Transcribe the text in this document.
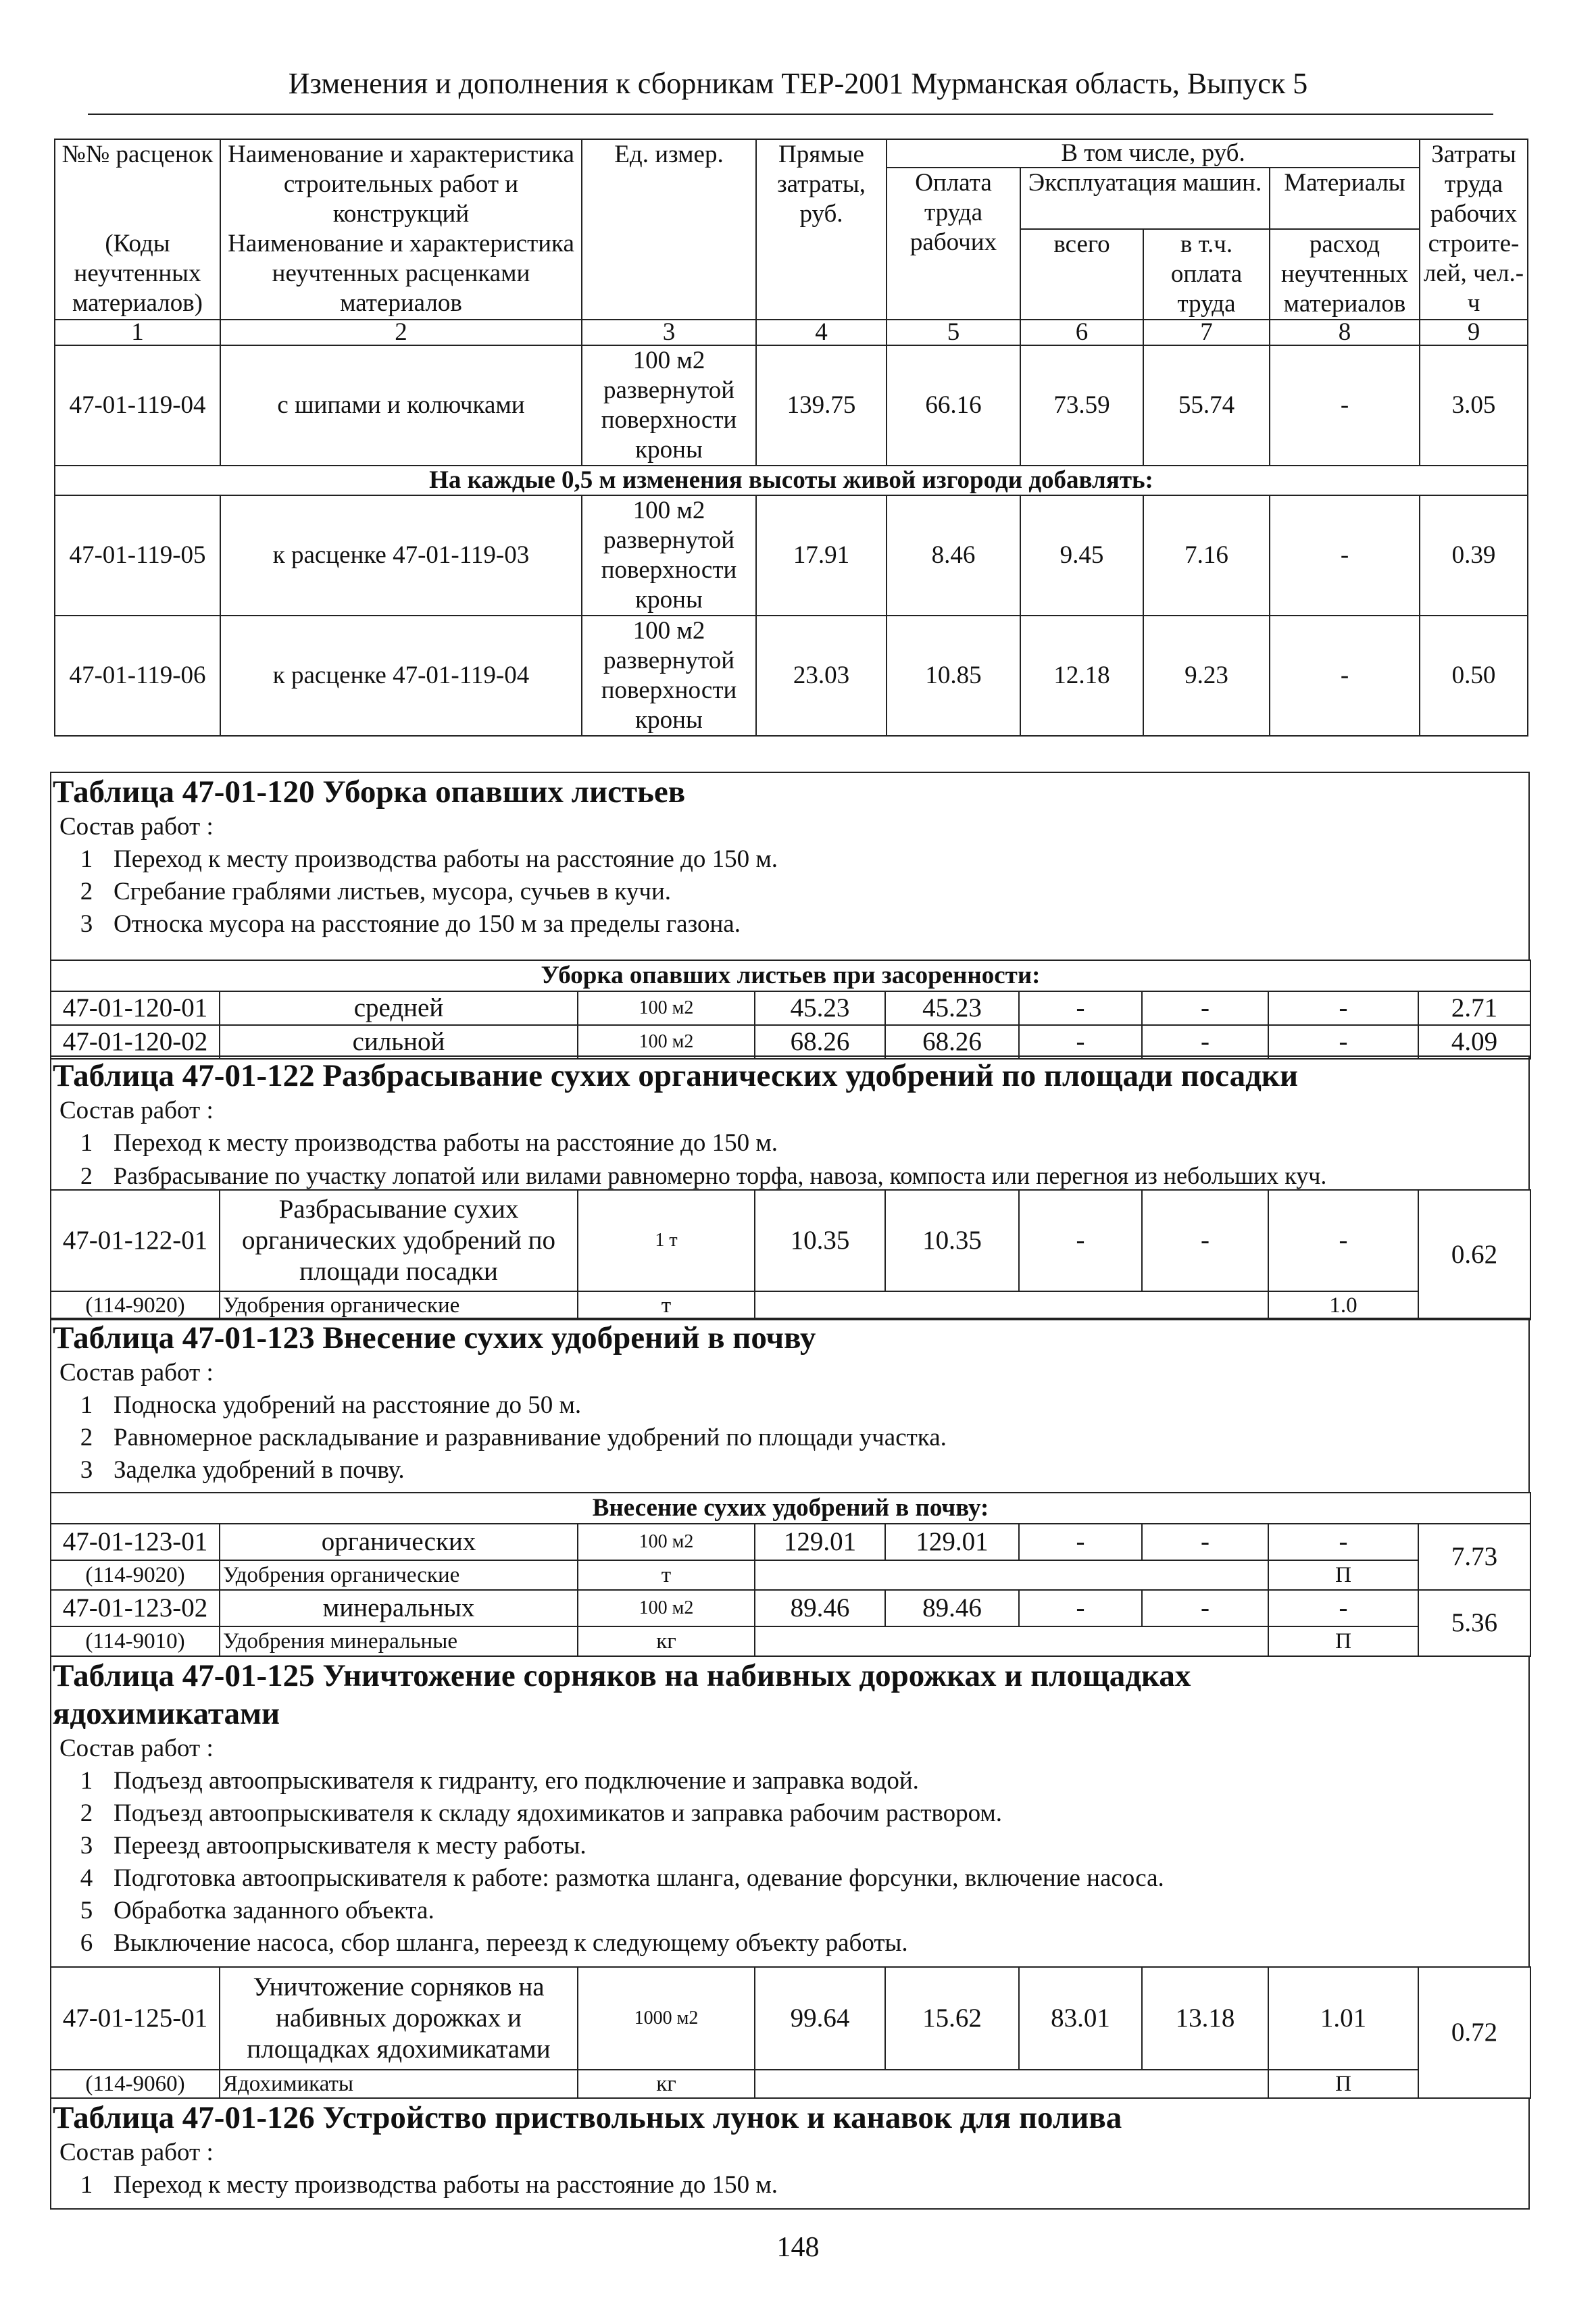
Изменения и дополнения к сборникам ТЕР-2001 Мурманская область, Выпуск 5
№№ расценок	Наименование и характеристика строительных работ и конструкций	Ед. измер.	Прямые затраты, руб.	В том числе, руб.				Затраты труда рабочих строите-лей, чел.-ч
				Оплата труда рабочих	Эксплуатация машин.		Материалы	
(Коды неучтенных материалов)	Наименование и характеристика неучтенных расценками материалов				всего	в т.ч. оплата труда	расход неучтенных материалов	
1	2	3	4	5	6	7	8	9
47-01-119-04	с шипами и колючками	100 м2 развернутой поверхности кроны	139.75	66.16	73.59	55.74	-	3.05
На каждые 0,5 м изменения высоты живой изгороди добавлять:								
47-01-119-05	к расценке 47-01-119-03	100 м2 развернутой поверхности кроны	17.91	8.46	9.45	7.16	-	0.39
47-01-119-06	к расценке 47-01-119-04	100 м2 развернутой поверхности кроны	23.03	10.85	12.18	9.23	-	0.50
Таблица 47-01-120 Уборка опавших листьев
Состав работ :
1 Переход к месту производства работы на расстояние до 150 м.
2 Сгребание граблями листьев, мусора, сучьев в кучи.
3 Относка мусора на расстояние до 150 м за пределы газона.
Уборка опавших листьев при засоренности:								
47-01-120-01	средней	100 м2	45.23	45.23	-	-	-	2.71
47-01-120-02	сильной	100 м2	68.26	68.26	-	-	-	4.09
Таблица 47-01-122 Разбрасывание сухих органических удобрений по площади посадки
Состав работ :
1 Переход к месту производства работы на расстояние до 150 м.
2 Разбрасывание по участку лопатой или вилами равномерно торфа, навоза, компоста или перегноя из небольших куч.
47-01-122-01	Разбрасывание сухих органических удобрений по площади посадки	1 т	10.35	10.35	-	-	-	0.62
(114-9020)	Удобрения органические	т					1.0	
Таблица 47-01-123 Внесение сухих удобрений в почву
Состав работ :
1 Подноска удобрений на расстояние до 50 м.
2 Равномерное раскладывание и разравнивание удобрений по площади участка.
3 Заделка удобрений в почву.
Внесение сухих удобрений в почву:								
47-01-123-01	органических	100 м2	129.01	129.01	-	-	-	7.73
(114-9020)	Удобрения органические	т					П	
47-01-123-02	минеральных	100 м2	89.46	89.46	-	-	-	5.36
(114-9010)	Удобрения минеральные	кг					П	
Таблица 47-01-125 Уничтожение сорняков на набивных дорожках и площадках
ядохимикатами
Состав работ :
1 Подъезд автоопрыскивателя к гидранту, его подключение и заправка водой.
2 Подъезд автоопрыскивателя к складу ядохимикатов и заправка рабочим раствором.
3 Переезд автоопрыскивателя к месту работы.
4 Подготовка автоопрыскивателя к работе: размотка шланга, одевание форсунки, включение насоса.
5 Обработка заданного объекта.
6 Выключение насоса, сбор шланга, переезд к следующему объекту работы.
47-01-125-01	Уничтожение сорняков на набивных дорожках и площадках ядохимикатами	1000 м2	99.64	15.62	83.01	13.18	1.01	0.72
(114-9060)	Ядохимикаты	кг					П	
Таблица 47-01-126 Устройство приствольных лунок и канавок для полива
Состав работ :
1 Переход к месту производства работы на расстояние до 150 м.
148
